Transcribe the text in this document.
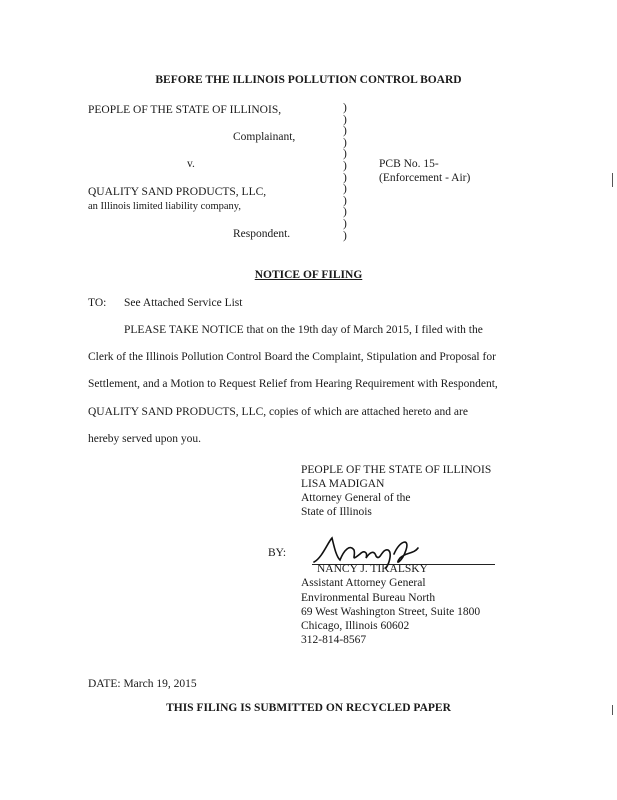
BEFORE THE ILLINOIS POLLUTION CONTROL BOARD
PEOPLE OF THE STATE OF ILLINOIS,
Complainant,
v.
QUALITY SAND PRODUCTS, LLC,
an Illinois limited liability company,
Respondent.
)
)
)
)
)
)
)
)
)
)
)
)
PCB No. 15-
(Enforcement - Air)
NOTICE OF FILING
TO: See Attached Service List
PLEASE TAKE NOTICE that on the 19th day of March 2015, I filed with the
Clerk of the Illinois Pollution Control Board the Complaint, Stipulation and Proposal for
Settlement, and a Motion to Request Relief from Hearing Requirement with Respondent,
QUALITY SAND PRODUCTS, LLC, copies of which are attached hereto and are
hereby served upon you.
PEOPLE OF THE STATE OF ILLINOIS
LISA MADIGAN
Attorney General of the
State of Illinois
BY:
NANCY J. TIKALSKY
Assistant Attorney General
Environmental Bureau North
69 West Washington Street, Suite 1800
Chicago, Illinois 60602
312-814-8567
DATE: March 19, 2015
THIS FILING IS SUBMITTED ON RECYCLED PAPER
